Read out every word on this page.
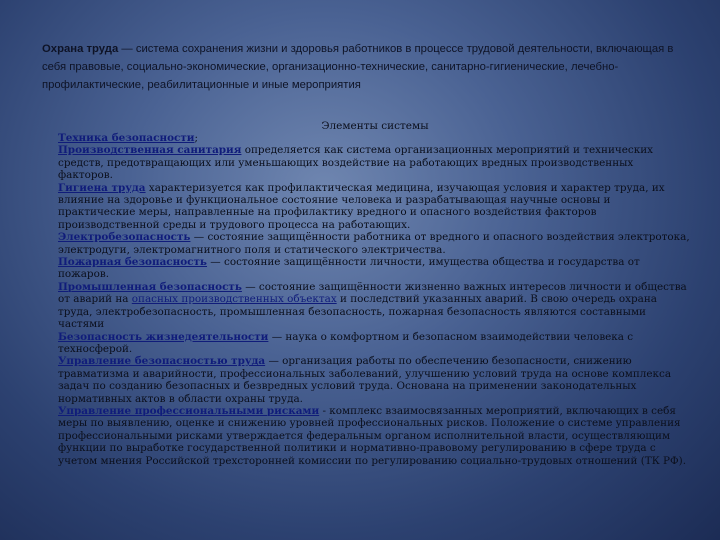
Охрана труда — система сохранения жизни и здоровья работников в процессе трудовой деятельности, включающая в себя правовые, социально-экономические, организационно-технические, санитарно-гигиенические, лечебно-профилактические, реабилитационные и иные мероприятия
Элементы системы

Техника безопасности;

Производственная санитария определяется как система организационных мероприятий и технических средств, предотвращающих или уменьшающих воздействие на работающих вредных производственных факторов.

Гигиена труда характеризуется как профилактическая медицина, изучающая условия и характер труда, их влияние на здоровье и функциональное состояние человека и разрабатывающая научные основы и практические меры, направленные на профилактику вредного и опасного воздействия факторов производственной среды и трудового процесса на работающих.

Электробезопасность — состояние защищённости работника от вредного и опасного воздействия электротока, электродуги, электромагнитного поля и статического электричества.

Пожарная безопасность — состояние защищённости личности, имущества общества и государства от пожаров.

Промышленная безопасность — состояние защищённости жизненно важных интересов личности и общества от аварий на опасных производственных объектах и последствий указанных аварий. В свою очередь охрана труда, электробезопасность, промышленная безопасность, пожарная безопасность являются составными частями

Безопасность жизнедеятельности — наука о комфортном и безопасном взаимодействии человека с техносферой.

Управление безопасностью труда — организация работы по обеспечению безопасности, снижению травматизма и аварийности, профессиональных заболеваний, улучшению условий труда на основе комплекса задач по созданию безопасных и безвредных условий труда. Основана на применении законодательных нормативных актов в области охраны труда.

Управление профессиональными рисками - комплекс взаимосвязанных мероприятий, включающих в себя меры по выявлению, оценке и снижению уровней профессиональных рисков. Положение о системе управления профессиональными рисками утверждается федеральным органом исполнительной власти, осуществляющим функции по выработке государственной политики и нормативно-правовому регулированию в сфере труда с учетом мнения Российской трехсторонней комиссии по регулированию социально-трудовых отношений (ТК РФ).
